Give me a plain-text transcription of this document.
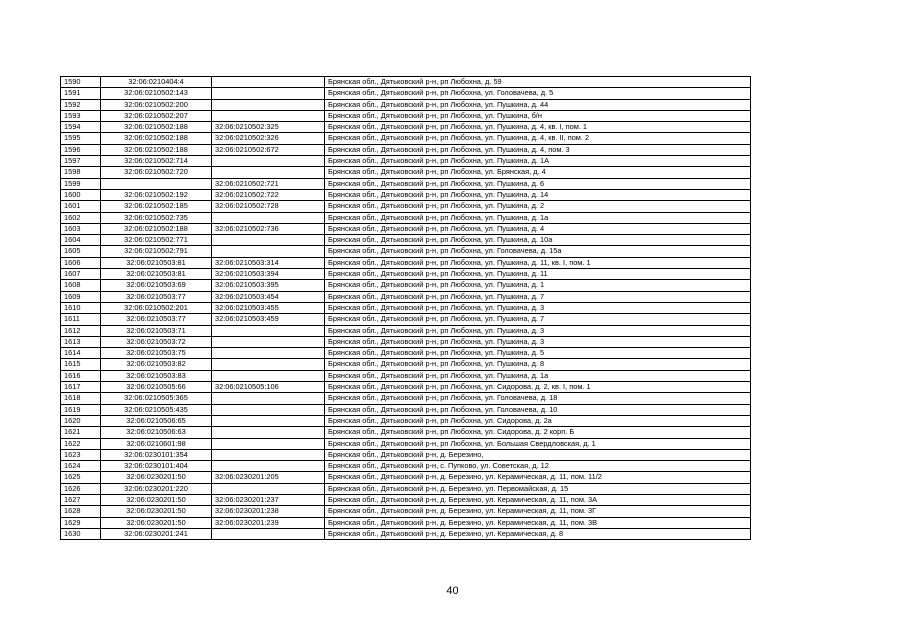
1590	32:06:0210404:4		Брянская обл., Дятьковский р-н, рп Любохна, д. 59
1591	32:06:0210502:143		Брянская обл., Дятьковский р-н, рп Любохна, ул. Головачева, д. 5
1592	32:06:0210502:200		Брянская обл., Дятьковский р-н, рп Любохна, ул. Пушкина, д. 44
1593	32:06:0210502:207		Брянская обл., Дятьковский р-н, рп Любохна, ул. Пушкина, б/н
1594	32:06:0210502:188	32:06:0210502:325	Брянская обл., Дятьковский р-н, рп Любохна, ул. Пушкина, д. 4, кв. I, пом. 1
1595	32:06:0210502:188	32:06:0210502:326	Брянская обл., Дятьковский р-н, рп Любохна, ул. Пушкина, д. 4, кв. II, пом. 2
1596	32:06:0210502:188	32:06:0210502:672	Брянская обл., Дятьковский р-н, рп Любохна, ул. Пушкина, д. 4, пом. 3
1597	32:06:0210502:714		Брянская обл., Дятьковский р-н, рп Любохна, ул. Пушкина, д. 1А
1598	32:06:0210502:720		Брянская обл., Дятьковский р-н, рп Любохна, ул. Брянская, д. 4
1599		32:06:0210502:721	Брянская обл., Дятьковский р-н, рп Любохна, ул. Пушкина, д. 6
1600	32:06:0210502:192	32:06:0210502:722	Брянская обл., Дятьковский р-н, рп Любохна, ул. Пушкина, д. 14
1601	32:06:0210502:185	32:06:0210502:728	Брянская обл., Дятьковский р-н, рп Любохна, ул. Пушкина, д. 2
1602	32:06:0210502:735		Брянская обл., Дятьковский р-н, рп Любохна, ул. Пушкина, д. 1а
1603	32:06:0210502:188	32:06:0210502:736	Брянская обл., Дятьковский р-н, рп Любохна, ул. Пушкина, д. 4
1604	32:06:0210502:771		Брянская обл., Дятьковский р-н, рп Любохна, ул. Пушкина, д. 10а
1605	32:06:0210502:791		Брянская обл., Дятьковский р-н, рп Любохна, ул. Головачева, д. 15а
1606	32:06:0210503:81	32:06:0210503:314	Брянская обл., Дятьковский р-н, рп Любохна, ул. Пушкина, д. 11, кв. I, пом. 1
1607	32:06:0210503:81	32:06:0210503:394	Брянская обл., Дятьковский р-н, рп Любохна, ул. Пушкина, д. 11
1608	32:06:0210503:69	32:06:0210503:395	Брянская обл., Дятьковский р-н, рп Любохна, ул. Пушкина, д. 1
1609	32:06:0210503:77	32:06:0210503:454	Брянская обл., Дятьковский р-н, рп Любохна, ул. Пушкина, д. 7
1610	32:06:0210502:201	32:06:0210503:455	Брянская обл., Дятьковский р-н, рп Любохна, ул. Пушкина, д. 3
1611	32:06:0210503:77	32:06:0210503:459	Брянская обл., Дятьковский р-н, рп Любохна, ул. Пушкина, д. 7
1612	32:06:0210503:71		Брянская обл., Дятьковский р-н, рп Любохна, ул. Пушкина, д. 3
1613	32:06:0210503:72		Брянская обл., Дятьковский р-н, рп Любохна, ул. Пушкина, д. 3
1614	32:06:0210503:75		Брянская обл., Дятьковский р-н, рп Любохна, ул. Пушкина, д. 5
1615	32:06:0210503:82		Брянская обл., Дятьковский р-н, рп Любохна, ул. Пушкина, д. 8
1616	32:06:0210503:83		Брянская обл., Дятьковский р-н, рп Любохна, ул. Пушкина, д. 1а
1617	32:06:0210505:66	32:06:0210505:106	Брянская обл., Дятьковский р-н, рп Любохна, ул. Сидорова, д. 2, кв. I, пом. 1
1618	32:06:0210505:365		Брянская обл., Дятьковский р-н, рп Любохна, ул. Головачева, д. 18
1619	32:06:0210505:435		Брянская обл., Дятьковский р-н, рп Любохна, ул. Головачева, д. 10
1620	32:06:0210506:65		Брянская обл., Дятьковский р-н, рп Любохна, ул. Сидорова, д. 2а
1621	32:06:0210506:63		Брянская обл., Дятьковский р-н, рп Любохна, ул. Сидорова, д. 2 корп. Б
1622	32:06:0210601:98		Брянская обл., Дятьковский р-н, рп Любохна, ул. Большая Свердловская, д. 1
1623	32:06:0230101:354		Брянская обл., Дятьковский р-н, д. Березино,
1624	32:06:0230101:404		Брянская обл., Дятьковский р-н, с. Пупково, ул. Советская, д. 12
1625	32:06:0230201:50	32:06:0230201:205	Брянская обл., Дятьковский р-н, д. Березино, ул. Керамическая, д. 11, пом. 11/2
1626	32:06:0230201:220		Брянская обл., Дятьковский р-н, д. Березино, ул. Первомайская, д. 15
1627	32:06:0230201:50	32:06:0230201:237	Брянская обл., Дятьковский р-н, д. Березино, ул. Керамическая, д. 11, пом. 3А
1628	32:06:0230201:50	32:06:0230201:238	Брянская обл., Дятьковский р-н, д. Березино, ул. Керамическая, д. 11, пом. 3Г
1629	32:06:0230201:50	32:06:0230201:239	Брянская обл., Дятьковский р-н, д. Березино, ул. Керамическая, д. 11, пом. 3В
1630	32:06:0230201:241		Брянская обл., Дятьковский р-н, д. Березино, ул. Керамическая, д. 8
40
